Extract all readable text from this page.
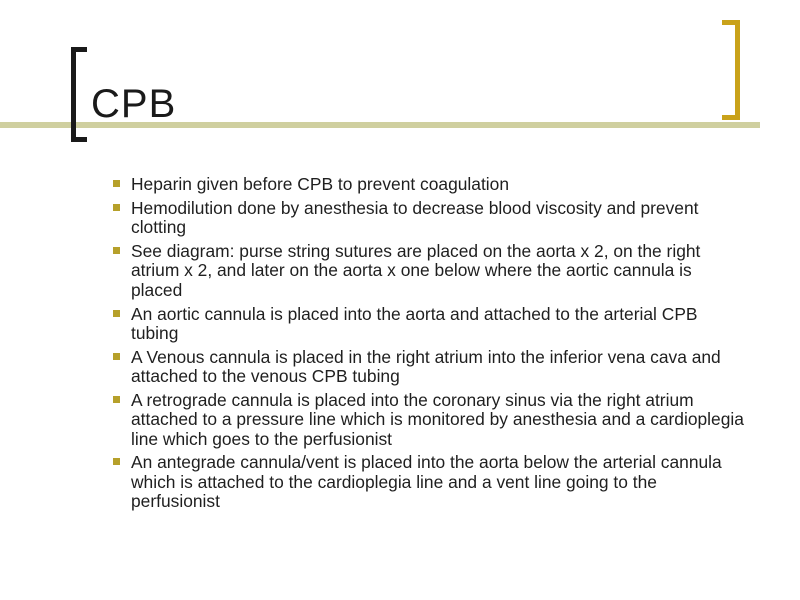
CPB
Heparin given before CPB to prevent coagulation
Hemodilution done by anesthesia to decrease blood viscosity and prevent clotting
See diagram: purse string sutures are placed on the aorta x 2, on the right atrium x 2, and later on the aorta x one below where the aortic cannula is placed
An aortic cannula is placed into the aorta and attached to the arterial CPB tubing
A Venous cannula is placed in the right atrium into the inferior vena cava and attached to the venous CPB tubing
A retrograde cannula is placed into the coronary sinus via the right atrium attached to a pressure line which is monitored by anesthesia and a cardioplegia line which goes to the perfusionist
An antegrade cannula/vent is placed into the aorta below the arterial cannula which is attached to the cardioplegia line and a vent line going to the perfusionist
